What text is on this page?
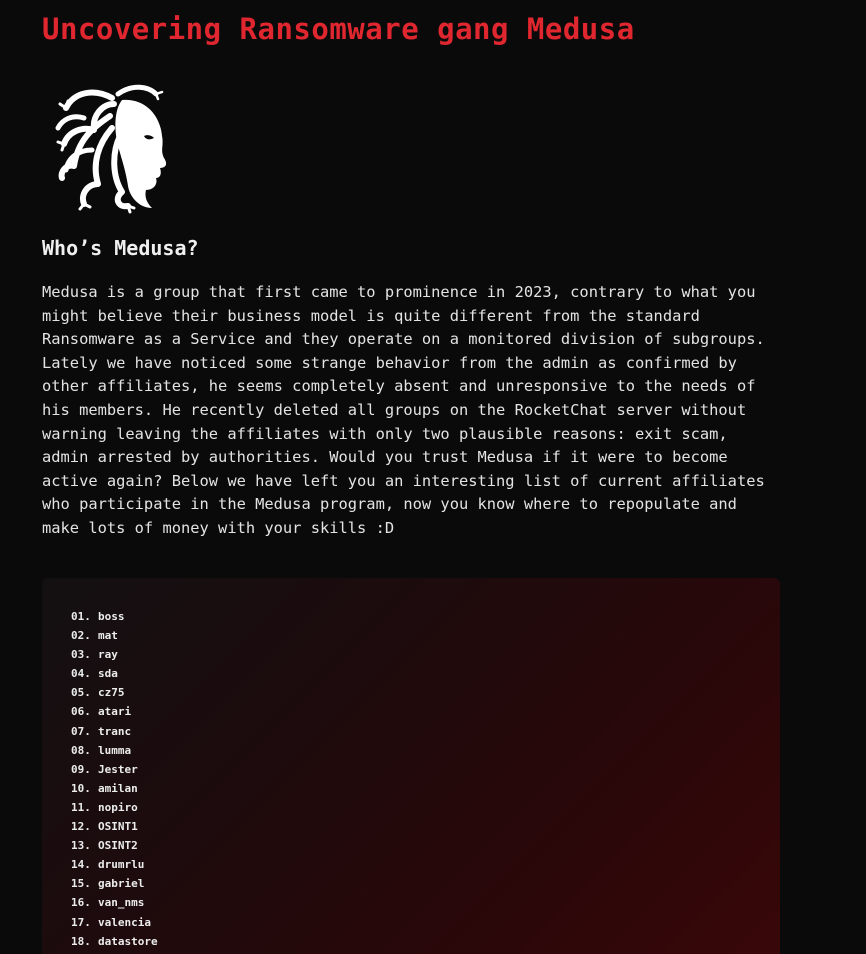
Uncovering Ransomware gang Medusa
Who’s Medusa?

Medusa is a group that first came to prominence in 2023, contrary to what you might believe their business model is quite different from the standard Ransomware as a Service and they operate on a monitored division of subgroups. Lately we have noticed some strange behavior from the admin as confirmed by other affiliates, he seems completely absent and unresponsive to the needs of his members. He recently deleted all groups on the RocketChat server without warning leaving the affiliates with only two plausible reasons: exit scam, admin arrested by authorities. Would you trust Medusa if it were to become active again? Below we have left you an interesting list of current affiliates who participate in the Medusa program, now you know where to repopulate and make lots of money with your skills :D

01. boss
02. mat
03. ray
04. sda
05. cz75
06. atari
07. tranc
08. lumma
09. Jester
10. amilan
11. nopiro
12. OSINT1
13. OSINT2
14. drumrlu
15. gabriel
16. van_nms
17. valencia
18. datastore
